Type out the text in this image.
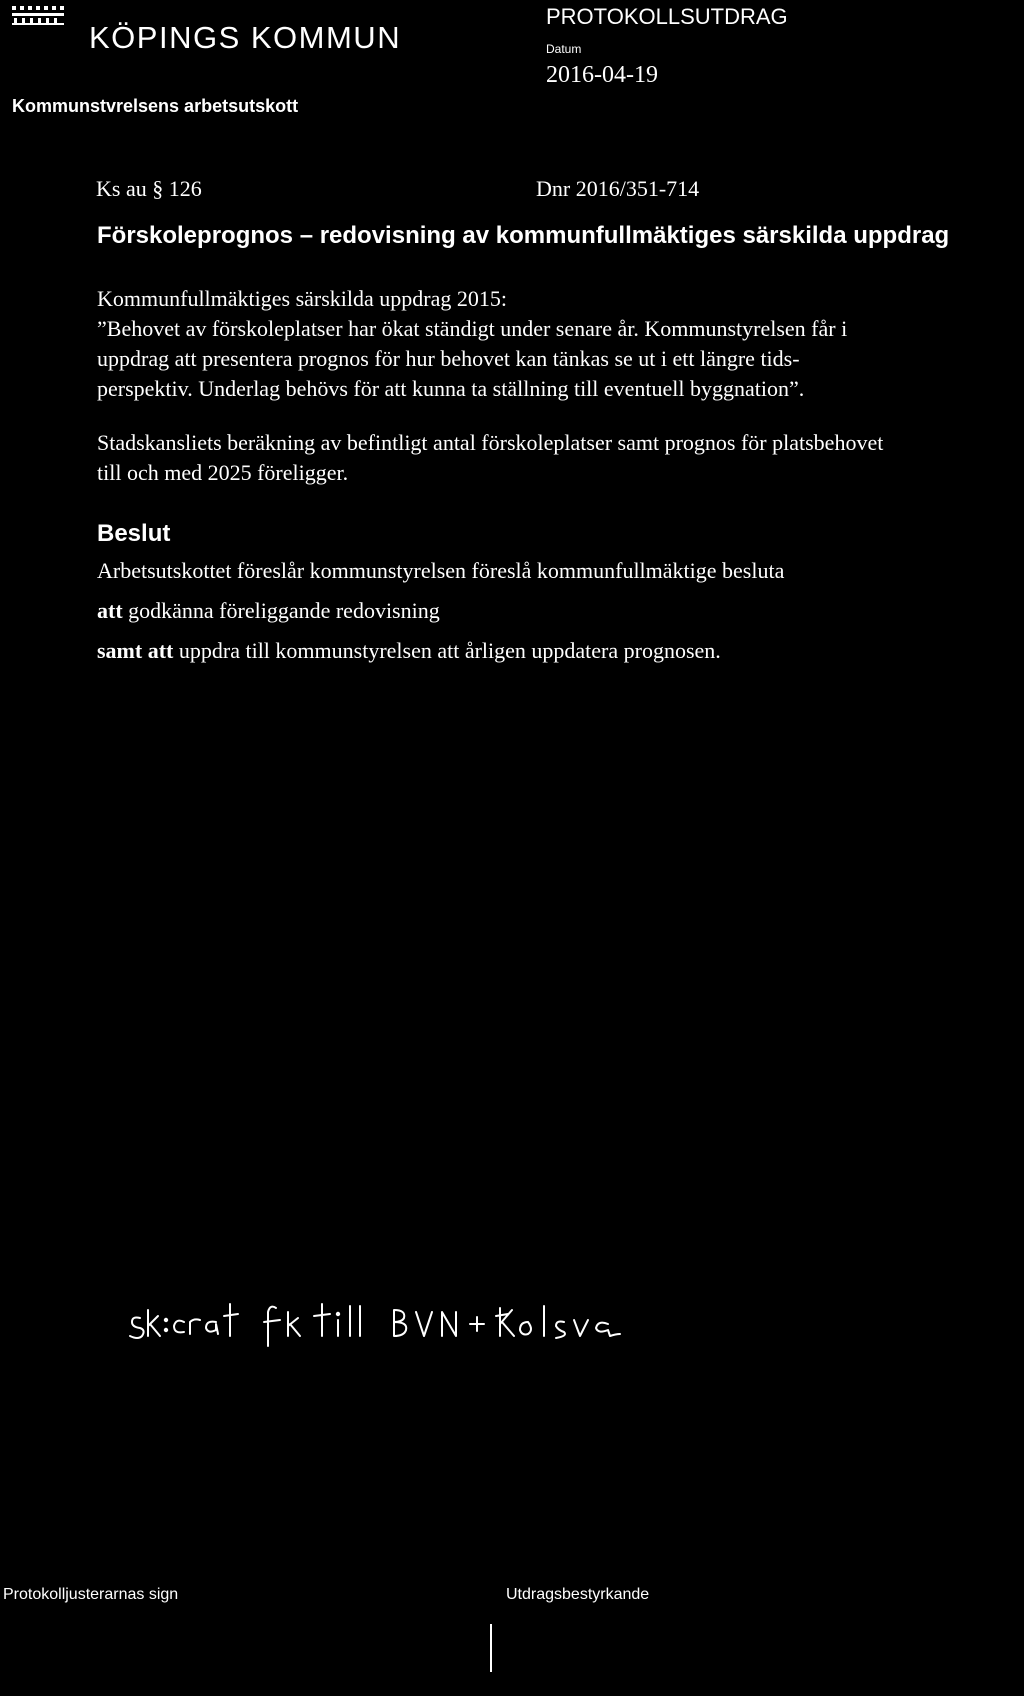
KÖPINGS KOMMUN
Kommunstvrelsens arbetsutskott
PROTOKOLLSUTDRAG
Datum
2016-04-19
Ks au § 126	Dnr 2016/351-714
Förskoleprognos – redovisning av kommunfullmäktiges särskilda uppdrag
Kommunfullmäktiges särskilda uppdrag 2015:
”Behovet av förskoleplatser har ökat ständigt under senare år. Kommunstyrelsen får i
uppdrag att presentera prognos för hur behovet kan tänkas se ut i ett längre tids-
perspektiv. Underlag behövs för att kunna ta ställning till eventuell byggnation”.
Stadskansliets beräkning av befintligt antal förskoleplatser samt prognos för platsbehovet
till och med 2025 föreligger.
Beslut
Arbetsutskottet föreslår kommunstyrelsen föreslå kommunfullmäktige besluta
att godkänna föreliggande redovisning
samt att uppdra till kommunstyrelsen att årligen uppdatera prognosen.
Protokolljusterarnas sign	Utdragsbestyrkande
